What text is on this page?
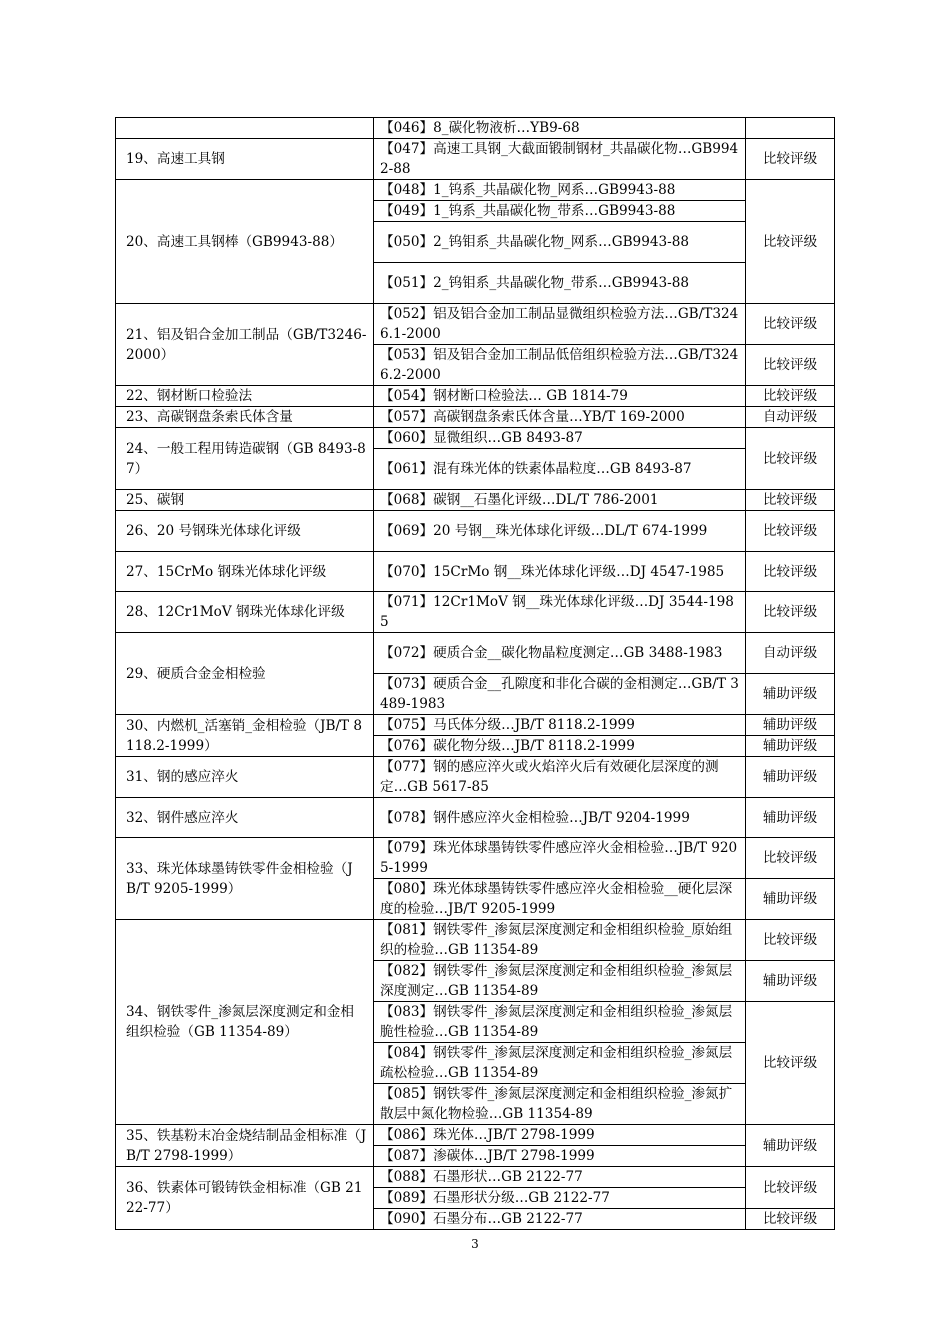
	【046】8_碳化物液析…YB9-68	
19、高速工具钢	【047】高速工具钢_大截面锻制钢材_共晶碳化物…GB9942-88	比较评级
20、高速工具钢棒（GB9943-88）	【048】1_钨系_共晶碳化物_网系…GB9943-88	比较评级
	【049】1_钨系_共晶碳化物_带系…GB9943-88	
	【050】2_钨钼系_共晶碳化物_网系…GB9943-88	
	【051】2_钨钼系_共晶碳化物_带系…GB9943-88	
21、铝及铝合金加工制品（GB/T3246-2000）	【052】铝及铝合金加工制品显微组织检验方法…GB/T3246.1-2000	比较评级
	【053】铝及铝合金加工制品低倍组织检验方法…GB/T3246.2-2000	比较评级
22、钢材断口检验法	【054】钢材断口检验法… GB 1814-79	比较评级
23、高碳钢盘条索氏体含量	【057】高碳钢盘条索氏体含量…YB/T 169-2000	自动评级
24、一般工程用铸造碳钢（GB 8493-87）	【060】显微组织…GB 8493-87	比较评级
	【061】混有珠光体的铁素体晶粒度…GB 8493-87	
25、碳钢	【068】碳钢__石墨化评级…DL/T 786-2001	比较评级
26、20 号钢珠光体球化评级	【069】20 号钢__珠光体球化评级…DL/T 674-1999	比较评级
27、15CrMo 钢珠光体球化评级	【070】15CrMo 钢__珠光体球化评级…DJ 4547-1985	比较评级
28、12Cr1MoV 钢珠光体球化评级	【071】12Cr1MoV 钢__珠光体球化评级…DJ 3544-1985	比较评级
29、硬质合金金相检验	【072】硬质合金__碳化物晶粒度测定…GB 3488-1983	自动评级
	【073】硬质合金__孔隙度和非化合碳的金相测定…GB/T 3489-1983	辅助评级
30、内燃机_活塞销_金相检验（JB/T 8118.2-1999）	【075】马氏体分级…JB/T 8118.2-1999	辅助评级
	【076】碳化物分级…JB/T 8118.2-1999	辅助评级
31、钢的感应淬火	【077】钢的感应淬火或火焰淬火后有效硬化层深度的测定…GB 5617-85	辅助评级
32、钢件感应淬火	【078】钢件感应淬火金相检验…JB/T 9204-1999	辅助评级
33、珠光体球墨铸铁零件金相检验（JB/T 9205-1999）	【079】珠光体球墨铸铁零件感应淬火金相检验…JB/T 9205-1999	比较评级
	【080】珠光体球墨铸铁零件感应淬火金相检验__硬化层深度的检验…JB/T 9205-1999	辅助评级
34、钢铁零件_渗氮层深度测定和金相组织检验（GB 11354-89）	【081】钢铁零件_渗氮层深度测定和金相组织检验_原始组织的检验…GB 11354-89	比较评级
	【082】钢铁零件_渗氮层深度测定和金相组织检验_渗氮层深度测定…GB 11354-89	辅助评级
	【083】钢铁零件_渗氮层深度测定和金相组织检验_渗氮层脆性检验…GB 11354-89	比较评级
	【084】钢铁零件_渗氮层深度测定和金相组织检验_渗氮层疏松检验…GB 11354-89	
	【085】钢铁零件_渗氮层深度测定和金相组织检验_渗氮扩散层中氮化物检验…GB 11354-89	
35、铁基粉末冶金烧结制品金相标准（JB/T 2798-1999）	【086】珠光体…JB/T 2798-1999	辅助评级
	【087】渗碳体…JB/T 2798-1999	
36、铁素体可锻铸铁金相标准（GB 2122-77）	【088】石墨形状…GB 2122-77	比较评级
	【089】石墨形状分级…GB 2122-77	
	【090】石墨分布…GB 2122-77	比较评级
3
